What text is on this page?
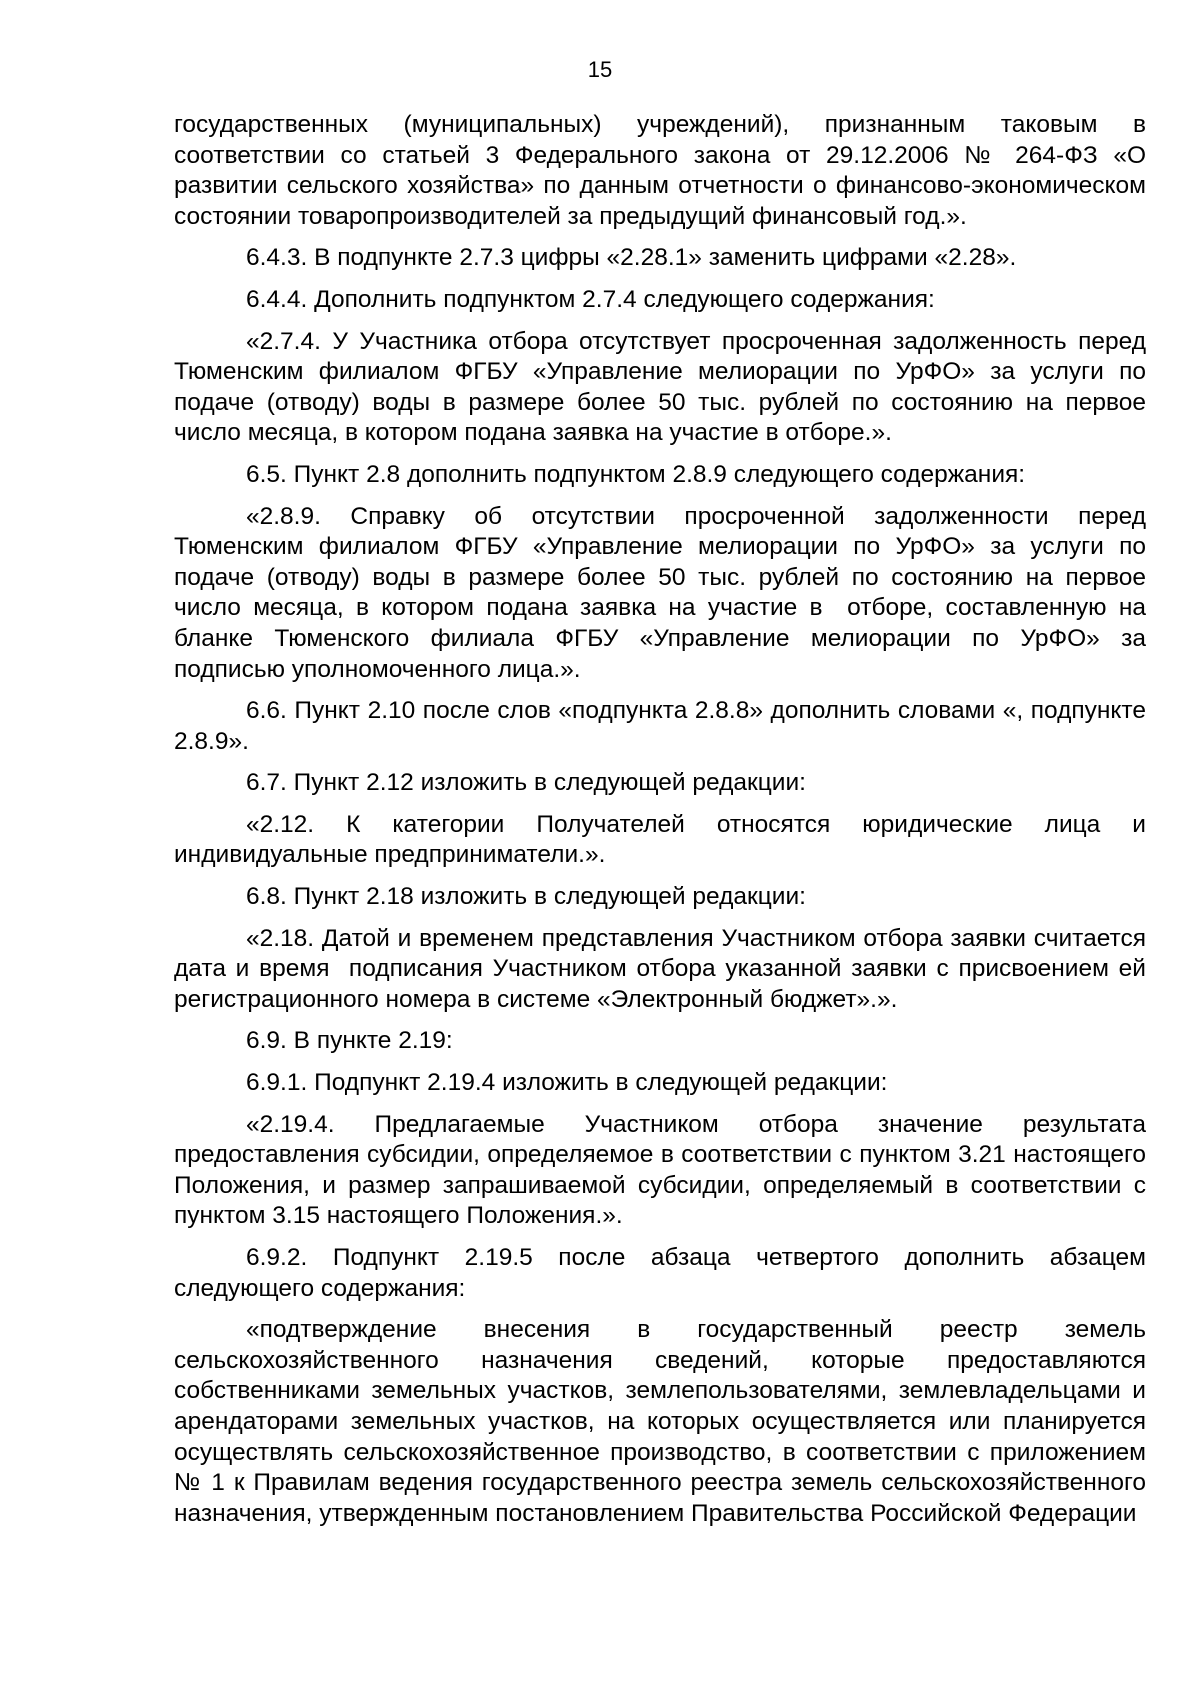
15

государственных (муниципальных) учреждений), признанным таковым в соответствии со статьей 3 Федерального закона от 29.12.2006 № 264-ФЗ «О развитии сельского хозяйства» по данным отчетности о финансово-экономическом состоянии товаропроизводителей за предыдущий финансовый год.».

6.4.3. В подпункте 2.7.3 цифры «2.28.1» заменить цифрами «2.28».

6.4.4. Дополнить подпунктом 2.7.4 следующего содержания:

«2.7.4. У Участника отбора отсутствует просроченная задолженность перед Тюменским филиалом ФГБУ «Управление мелиорации по УрФО» за услуги по подаче (отводу) воды в размере более 50 тыс. рублей по состоянию на первое число месяца, в котором подана заявка на участие в отборе.».

6.5. Пункт 2.8 дополнить подпунктом 2.8.9 следующего содержания:

«2.8.9. Справку об отсутствии просроченной задолженности перед Тюменским филиалом ФГБУ «Управление мелиорации по УрФО» за услуги по подаче (отводу) воды в размере более 50 тыс. рублей по состоянию на первое число месяца, в котором подана заявка на участие в  отборе, составленную на бланке Тюменского филиала ФГБУ «Управление мелиорации по УрФО» за подписью уполномоченного лица.».

6.6. Пункт 2.10 после слов «подпункта 2.8.8» дополнить словами «, подпункте 2.8.9».

6.7. Пункт 2.12 изложить в следующей редакции:

«2.12. К категории Получателей относятся юридические лица и индивидуальные предприниматели.».

6.8. Пункт 2.18 изложить в следующей редакции:

«2.18. Датой и временем представления Участником отбора заявки считается дата и время  подписания Участником отбора указанной заявки с присвоением ей регистрационного номера в системе «Электронный бюджет».».

6.9. В пункте 2.19:

6.9.1. Подпункт 2.19.4 изложить в следующей редакции:

«2.19.4. Предлагаемые Участником отбора значение результата предоставления субсидии, определяемое в соответствии с пунктом 3.21 настоящего Положения, и размер запрашиваемой субсидии, определяемый в соответствии с пунктом 3.15 настоящего Положения.».

6.9.2. Подпункт 2.19.5 после абзаца четвертого дополнить абзацем следующего содержания:

«подтверждение внесения в государственный реестр земель сельскохозяйственного назначения сведений, которые предоставляются собственниками земельных участков, землепользователями, землевладельцами и арендаторами земельных участков, на которых осуществляется или планируется осуществлять сельскохозяйственное производство, в соответствии с приложением № 1 к Правилам ведения государственного реестра земель сельскохозяйственного назначения, утвержденным постановлением Правительства Российской Федерации
